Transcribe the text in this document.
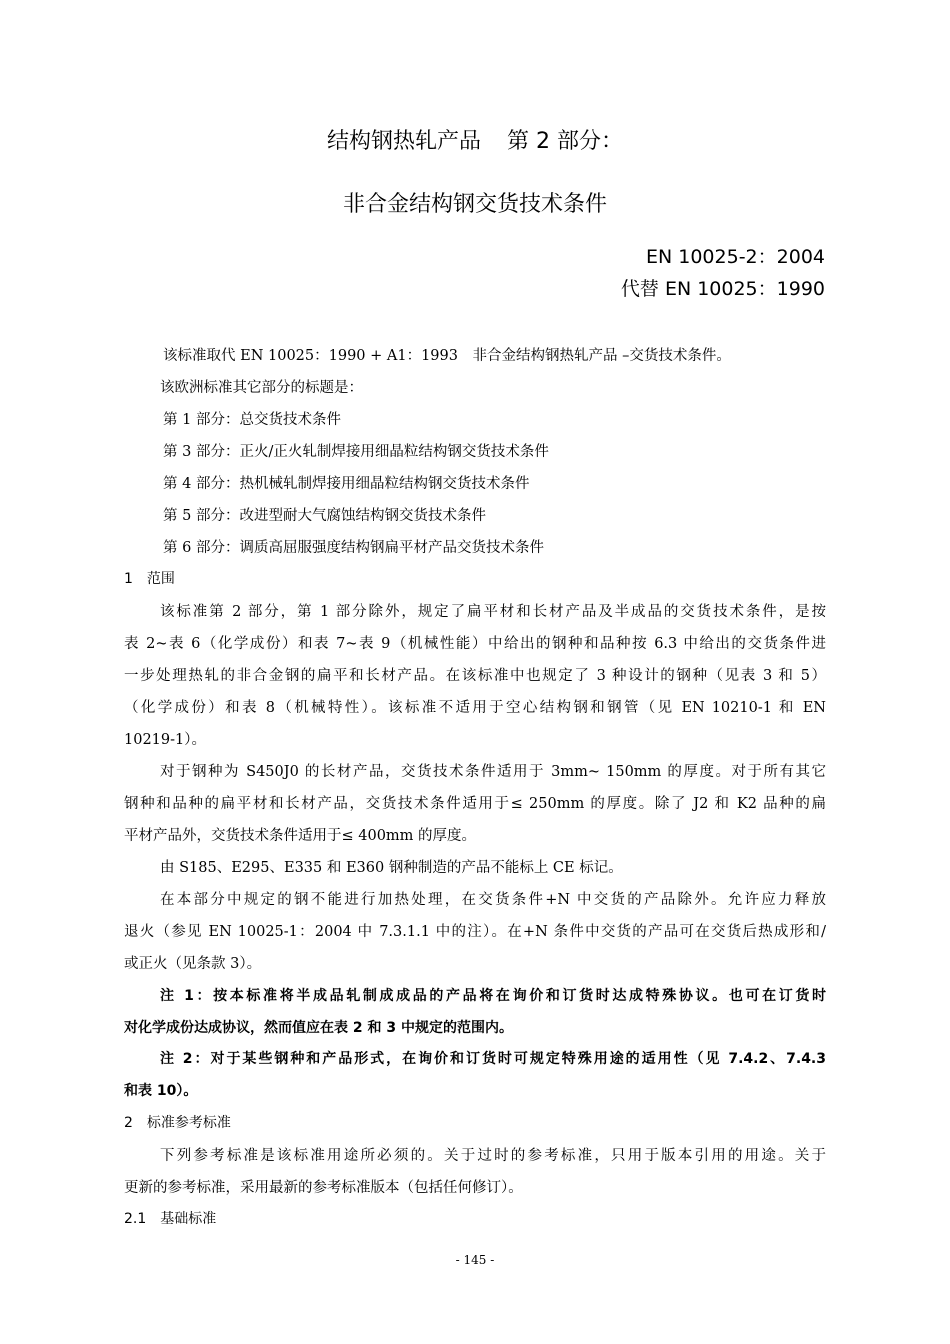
结构钢热轧产品 第 2 部分：
非合金结构钢交货技术条件
EN 10025-2：2004
代替 EN 10025：1990
该标准取代 EN 10025：1990 + A1：1993　非合金结构钢热轧产品 –交货技术条件。
该欧洲标准其它部分的标题是：
第 1 部分：总交货技术条件
第 3 部分：正火/正火轧制焊接用细晶粒结构钢交货技术条件
第 4 部分：热机械轧制焊接用细晶粒结构钢交货技术条件
第 5 部分：改进型耐大气腐蚀结构钢交货技术条件
第 6 部分：调质高屈服强度结构钢扁平材产品交货技术条件
1　范围
该标准第 2 部分，第 1 部分除外，规定了扁平材和长材产品及半成品的交货技术条件，是按
表 2~表 6（化学成份）和表 7~表 9（机械性能）中给出的钢种和品种按 6.3 中给出的交货条件进
一步处理热轧的非合金钢的扁平和长材产品。在该标准中也规定了 3 种设计的钢种（见表 3 和 5）
（化学成份）和表 8（机械特性）。该标准不适用于空心结构钢和钢管（见 EN 10210-1 和 EN
10219-1）。
对于钢种为 S450J0 的长材产品，交货技术条件适用于 3mm~ 150mm 的厚度。对于所有其它
钢种和品种的扁平材和长材产品，交货技术条件适用于≤ 250mm 的厚度。除了 J2 和 K2 品种的扁
平材产品外，交货技术条件适用于≤ 400mm 的厚度。
由 S185、E295、E335 和 E360 钢种制造的产品不能标上 CE 标记。
在本部分中规定的钢不能进行加热处理，在交货条件+N 中交货的产品除外。允许应力释放
退火（参见 EN 10025-1：2004 中 7.3.1.1 中的注）。在+N 条件中交货的产品可在交货后热成形和/
或正火（见条款 3）。
注 1：按本标准将半成品轧制成成品的产品将在询价和订货时达成特殊协议。也可在订货时
对化学成份达成协议，然而值应在表 2 和 3 中规定的范围内。
注 2：对于某些钢种和产品形式，在询价和订货时可规定特殊用途的适用性（见 7.4.2、7.4.3
和表 10）。
2　标准参考标准
下列参考标准是该标准用途所必须的。关于过时的参考标准，只用于版本引用的用途。关于
更新的参考标准，采用最新的参考标准版本（包括任何修订）。
2.1　基础标准
- 145 -
